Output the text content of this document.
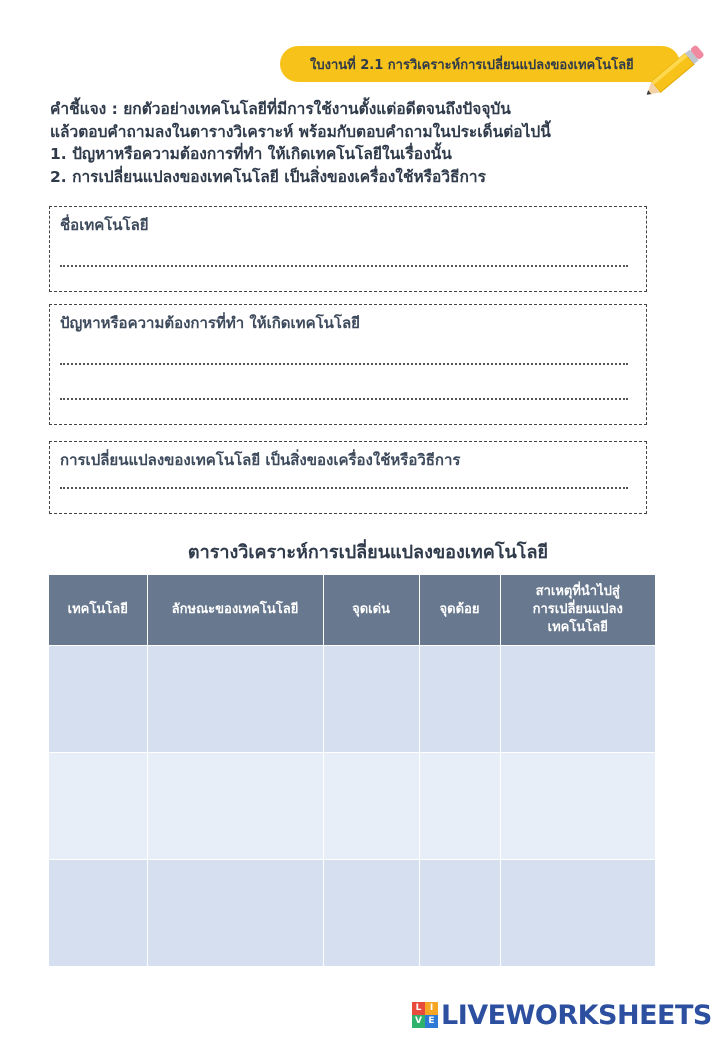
ใบงานที่ 2.1 การวิเคราะห์การเปลี่ยนแปลงของเทคโนโลยี
คำชี้แจง : ยกตัวอย่างเทคโนโลยีที่มีการใช้งานตั้งแต่อดีตจนถึงปัจจุบัน
แล้วตอบคำถามลงในตารางวิเคราะห์ พร้อมกับตอบคำถามในประเด็นต่อไปนี้
1. ปัญหาหรือความต้องการที่ทำ ให้เกิดเทคโนโลยีในเรื่องนั้น
2. การเปลี่ยนแปลงของเทคโนโลยี เป็นสิ่งของเครื่องใช้หรือวิธีการ
ชื่อเทคโนโลยี
ปัญหาหรือความต้องการที่ทำ ให้เกิดเทคโนโลยี
การเปลี่ยนแปลงของเทคโนโลยี เป็นสิ่งของเครื่องใช้หรือวิธีการ
ตารางวิเคราะห์การเปลี่ยนแปลงของเทคโนโลยี
เทคโนโลยี	ลักษณะของเทคโนโลยี	จุดเด่น	จุดด้อย	สาเหตุที่นำไปสู่
การเปลี่ยนแปลง
เทคโนโลยี

L I
V E LIVEWORKSHEETS
